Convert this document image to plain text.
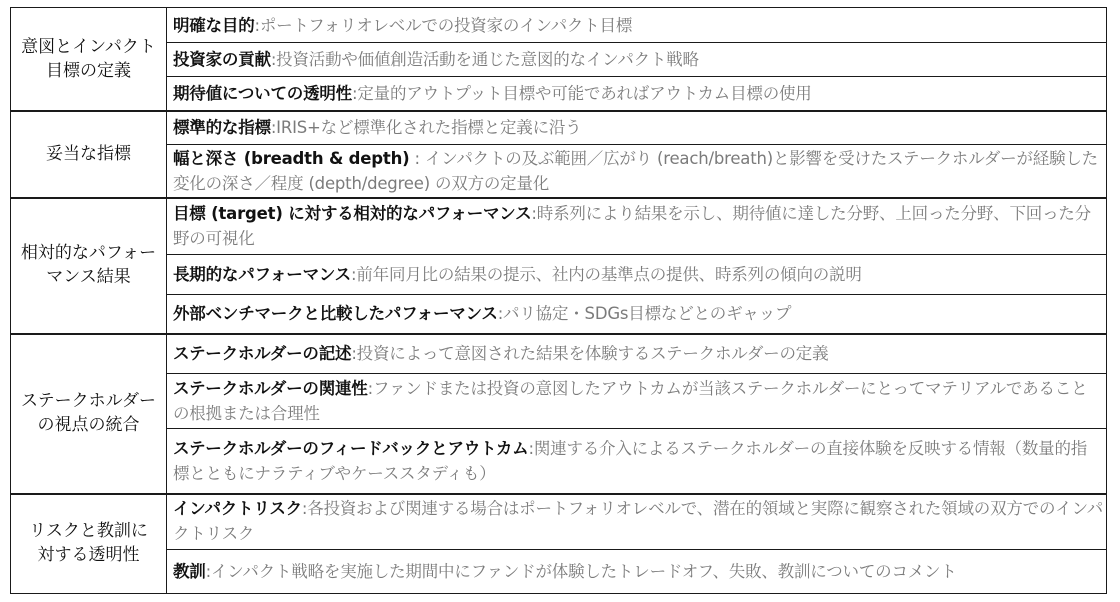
意図とインパクト
目標の定義
明確な目的:ポートフォリオレベルでの投資家のインパクト目標
投資家の貢献:投資活動や価値創造活動を通じた意図的なインパクト戦略
期待値についての透明性:定量的アウトプット目標や可能であればアウトカム目標の使用
妥当な指標
標準的な指標:IRIS+など標準化された指標と定義に沿う
幅と深さ (breadth & depth) : インパクトの及ぶ範囲／広がり (reach/breath)と影響を受けたステークホルダーが経験した変化の深さ／程度 (depth/degree) の双方の定量化
相対的なパフォー
マンス結果
目標 (target) に対する相対的なパフォーマンス:時系列により結果を示し、期待値に達した分野、上回った分野、下回った分野の可視化
長期的なパフォーマンス:前年同月比の結果の提示、社内の基準点の提供、時系列の傾向の説明
外部ベンチマークと比較したパフォーマンス:パリ協定・SDGs目標などとのギャップ
ステークホルダー
の視点の統合
ステークホルダーの記述:投資によって意図された結果を体験するステークホルダーの定義
ステークホルダーの関連性:ファンドまたは投資の意図したアウトカムが当該ステークホルダーにとってマテリアルであることの根拠または合理性
ステークホルダーのフィードバックとアウトカム:関連する介入によるステークホルダーの直接体験を反映する情報（数量的指標とともにナラティブやケーススタディも）
リスクと教訓に
対する透明性
インパクトリスク:各投資および関連する場合はポートフォリオレベルで、潜在的領域と実際に観察された領域の双方でのインパクトリスク
教訓:インパクト戦略を実施した期間中にファンドが体験したトレードオフ、失敗、教訓についてのコメント
